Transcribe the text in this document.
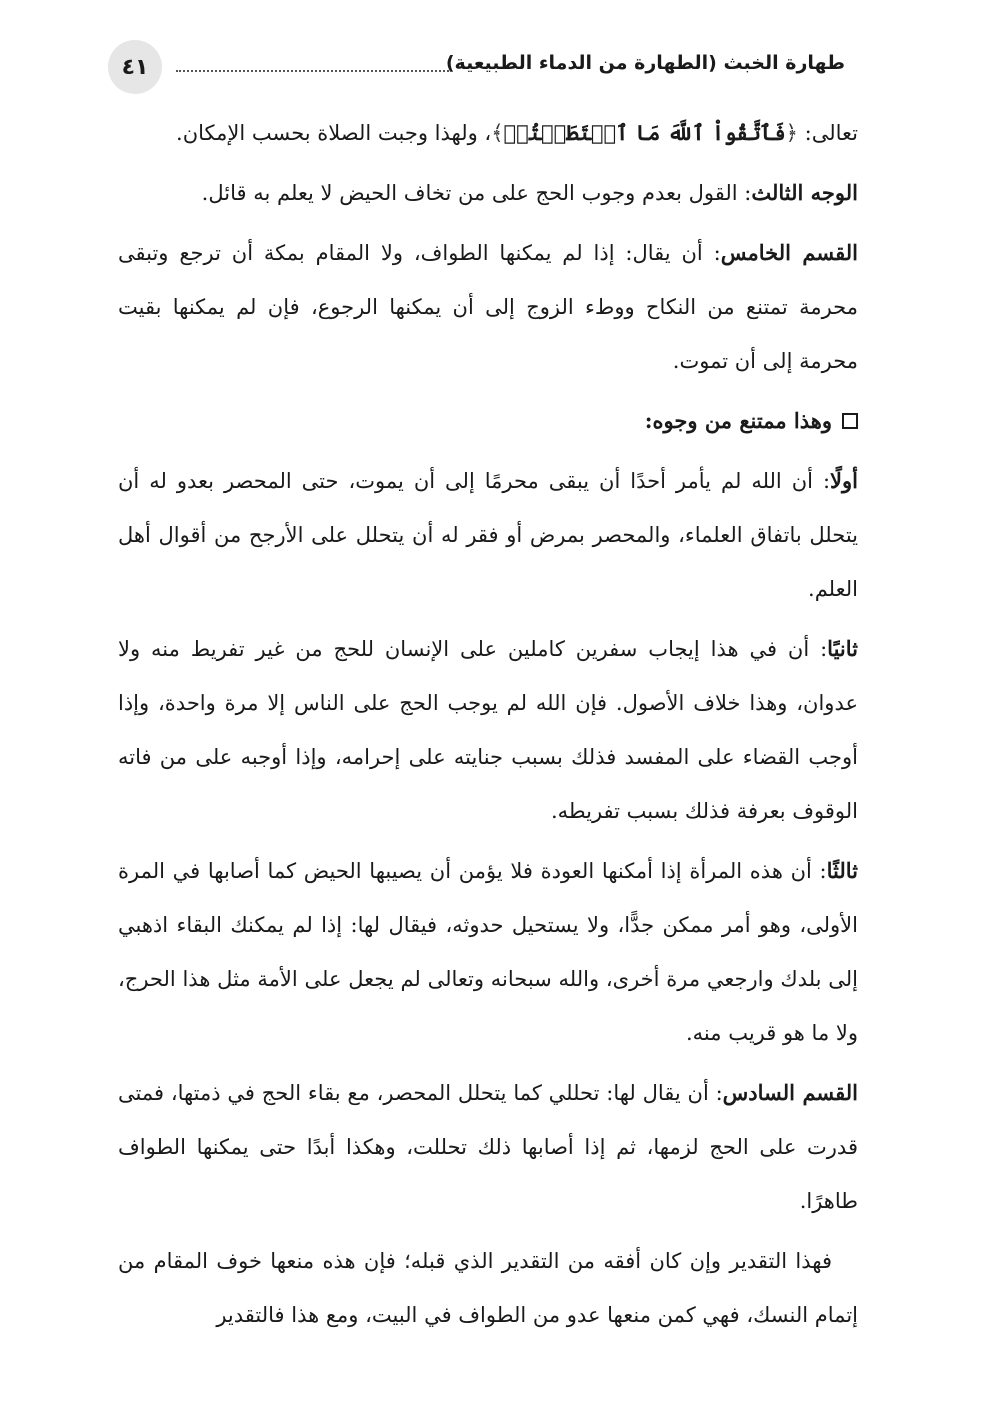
٤١	طهارة الخبث (الطهارة من الدماء الطبيعية)

تعالى: ﴿فَٱتَّقُواْ ٱللَّهَ مَا ٱسۡتَطَعۡتُمۡ﴾، ولهذا وجبت الصلاة بحسب الإمكان.

الوجه الثالث: القول بعدم وجوب الحج على من تخاف الحيض لا يعلم به قائل.

القسم الخامس: أن يقال: إذا لم يمكنها الطواف، ولا المقام بمكة أن ترجع وتبقى محرمة تمتنع من النكاح ووطء الزوج إلى أن يمكنها الرجوع، فإن لم يمكنها بقيت محرمة إلى أن تموت.

وهذا ممتنع من وجوه:

أولًا: أن الله لم يأمر أحدًا أن يبقى محرمًا إلى أن يموت، حتى المحصر بعدو له أن يتحلل باتفاق العلماء، والمحصر بمرض أو فقر له أن يتحلل على الأرجح من أقوال أهل العلم.

ثانيًا: أن في هذا إيجاب سفرين كاملين على الإنسان للحج من غير تفريط منه ولا عدوان، وهذا خلاف الأصول. فإن الله لم يوجب الحج على الناس إلا مرة واحدة، وإذا أوجب القضاء على المفسد فذلك بسبب جنايته على إحرامه، وإذا أوجبه على من فاته الوقوف بعرفة فذلك بسبب تفريطه.

ثالثًا: أن هذه المرأة إذا أمكنها العودة فلا يؤمن أن يصيبها الحيض كما أصابها في المرة الأولى، وهو أمر ممكن جدًّا، ولا يستحيل حدوثه، فيقال لها: إذا لم يمكنك البقاء اذهبي إلى بلدك وارجعي مرة أخرى، والله سبحانه وتعالى لم يجعل على الأمة مثل هذا الحرج، ولا ما هو قريب منه.

القسم السادس: أن يقال لها: تحللي كما يتحلل المحصر، مع بقاء الحج في ذمتها، فمتى قدرت على الحج لزمها، ثم إذا أصابها ذلك تحللت، وهكذا أبدًا حتى يمكنها الطواف طاهرًا.

فهذا التقدير وإن كان أفقه من التقدير الذي قبله؛ فإن هذه منعها خوف المقام من إتمام النسك، فهي كمن منعها عدو من الطواف في البيت، ومع هذا فالتقدير
